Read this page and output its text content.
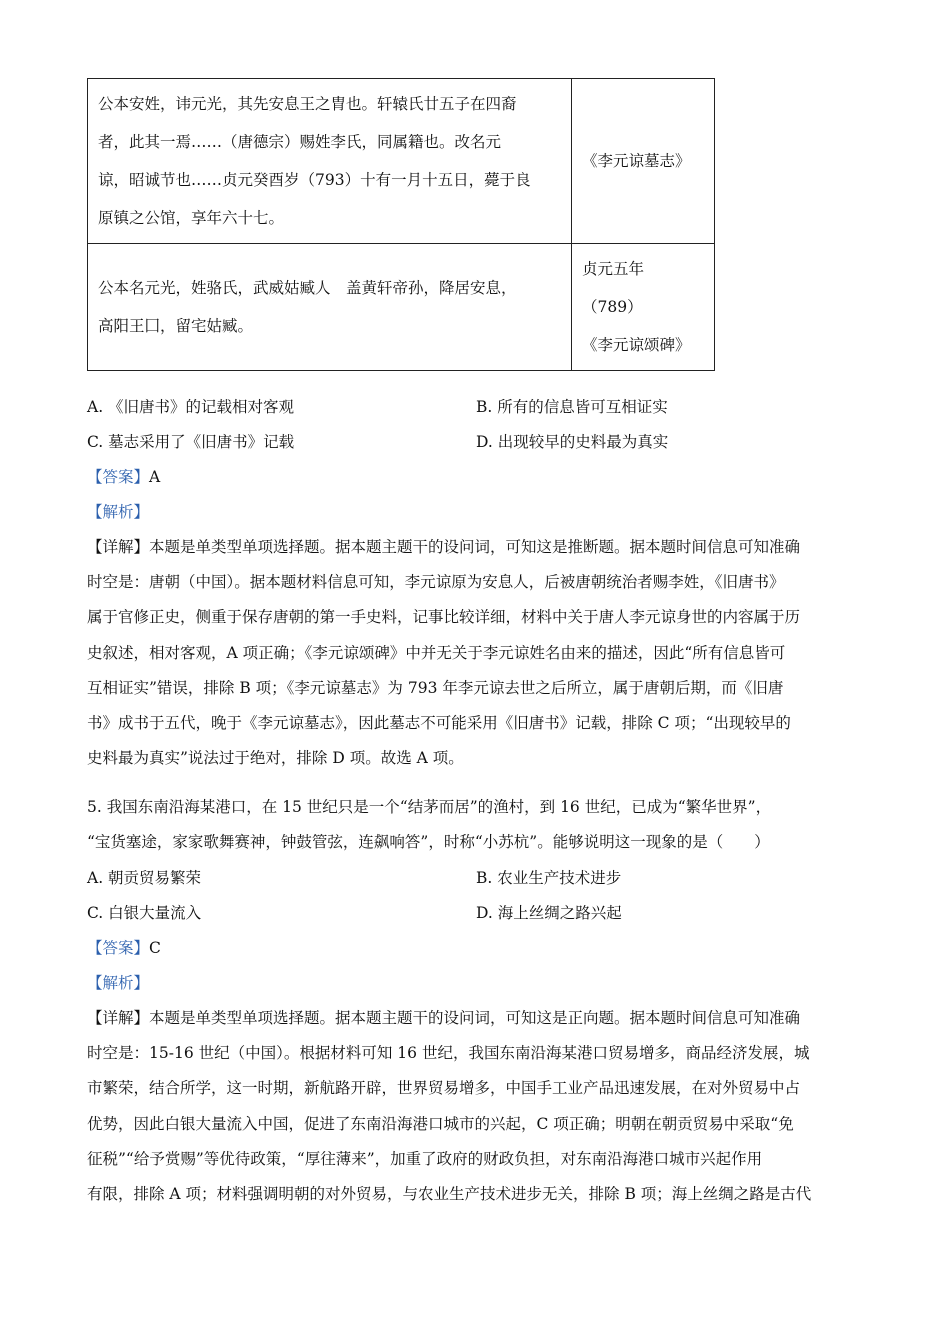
公本安姓，讳元光，其先安息王之胄也。轩辕氏廿五子在四裔
者，此其一焉……（唐德宗）赐姓李氏，同属籍也。改名元
谅，昭诚节也……贞元癸酉岁（793）十有一月十五日，薨于良
原镇之公馆，享年六十七。	《李元谅墓志》

公本名元光，姓骆氏，武威姑臧人　盖黄轩帝孙，降居安息，
高阳王囗，留宅姑臧。	贞元五年
（789）
《李元谅颂碑》
A. 《旧唐书》的记载相对客观	B. 所有的信息皆可互相证实
C. 墓志采用了《旧唐书》记载	D. 出现较早的史料最为真实
【答案】A
【解析】
【详解】本题是单类型单项选择题。据本题主题干的设问词，可知这是推断题。据本题时间信息可知准确
时空是：唐朝（中国）。据本题材料信息可知，李元谅原为安息人，后被唐朝统治者赐李姓，《旧唐书》
属于官修正史，侧重于保存唐朝的第一手史料，记事比较详细，材料中关于唐人李元谅身世的内容属于历
史叙述，相对客观，A 项正确；《李元谅颂碑》中并无关于李元谅姓名由来的描述，因此“所有信息皆可
互相证实”错误，排除 B 项；《李元谅墓志》为 793 年李元谅去世之后所立，属于唐朝后期，而《旧唐
书》成书于五代，晚于《李元谅墓志》，因此墓志不可能采用《旧唐书》记载，排除 C 项；“出现较早的
史料最为真实”说法过于绝对，排除 D 项。故选 A 项。
5. 我国东南沿海某港口，在 15 世纪只是一个“结茅而居”的渔村，到 16 世纪，已成为“繁华世界”，
“宝货塞途，家家歌舞赛神，钟鼓管弦，连飙响答”，时称“小苏杭”。能够说明这一现象的是（　　）
A. 朝贡贸易繁荣	B. 农业生产技术进步
C. 白银大量流入	D. 海上丝绸之路兴起
【答案】C
【解析】
【详解】本题是单类型单项选择题。据本题主题干的设问词，可知这是正向题。据本题时间信息可知准确
时空是：15-16 世纪（中国）。根据材料可知 16 世纪，我国东南沿海某港口贸易增多，商品经济发展，城
市繁荣，结合所学，这一时期，新航路开辟，世界贸易增多，中国手工业产品迅速发展，在对外贸易中占
优势，因此白银大量流入中国，促进了东南沿海港口城市的兴起，C 项正确；明朝在朝贡贸易中采取“免
征税”“给予赏赐”等优待政策，“厚往薄来”，加重了政府的财政负担，对东南沿海港口城市兴起作用
有限，排除 A 项；材料强调明朝的对外贸易，与农业生产技术进步无关，排除 B 项；海上丝绸之路是古代
